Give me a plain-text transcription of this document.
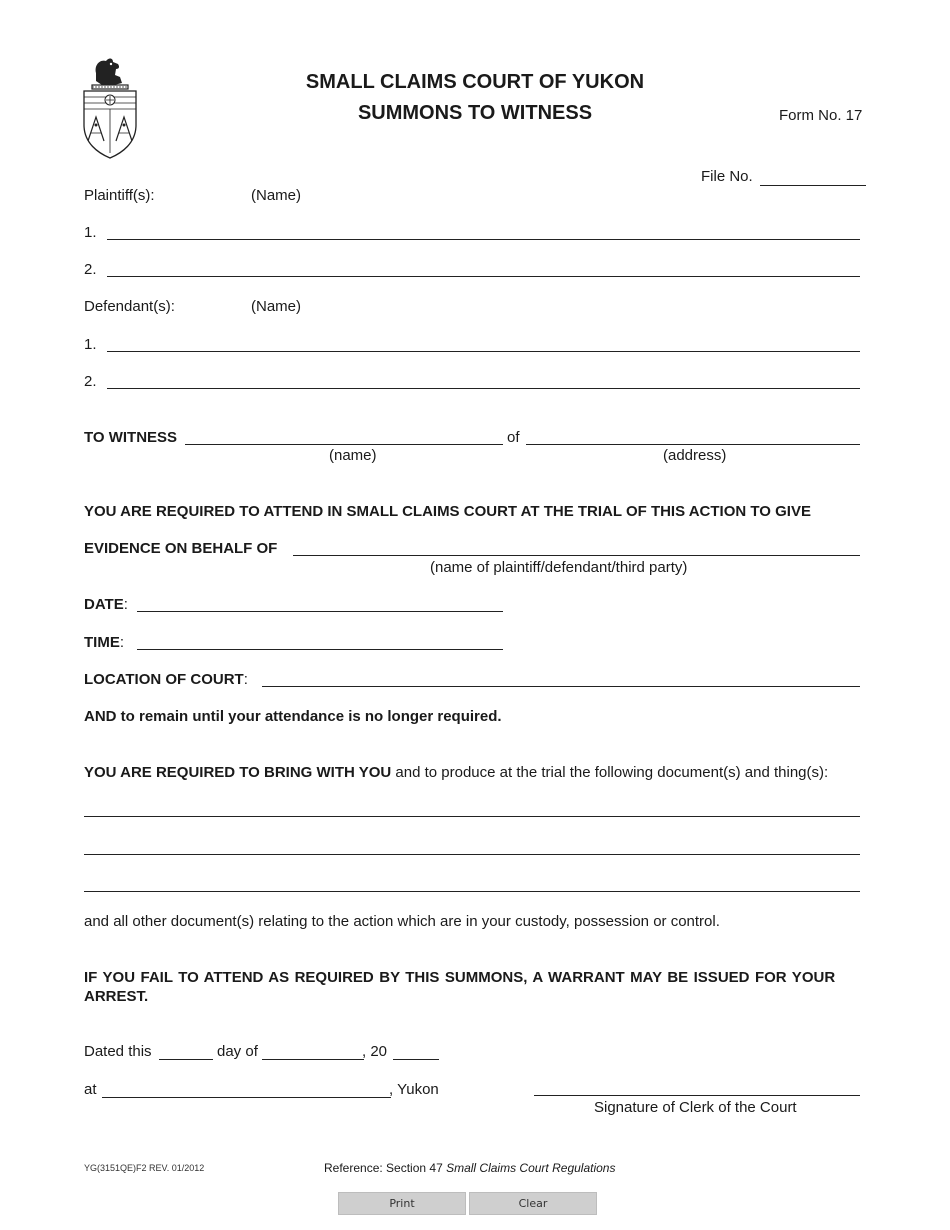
SMALL CLAIMS COURT OF YUKON
SUMMONS TO WITNESS	Form No. 17
File No.
Plaintiff(s):	(Name)
1.
2.
Defendant(s):	(Name)
1.
2.
TO WITNESS	of
(name)	(address)
YOU ARE REQUIRED TO ATTEND IN SMALL CLAIMS COURT AT THE TRIAL OF THIS ACTION TO GIVE
EVIDENCE ON BEHALF OF
(name of plaintiff/defendant/third party)
DATE:
TIME:
LOCATION OF COURT:
AND to remain until your attendance is no longer required.
YOU ARE REQUIRED TO BRING WITH YOU and to produce at the trial the following document(s) and thing(s):
and all other document(s) relating to the action which are in your custody, possession or control.
IF YOU FAIL TO ATTEND AS REQUIRED BY THIS SUMMONS, A WARRANT MAY BE ISSUED FOR YOUR
ARREST.
Dated this	day of	, 20
at	, Yukon
Signature of Clerk of the Court
YG(3151QE)F2 REV. 01/2012	Reference: Section 47 Small Claims Court Regulations
Print	Clear
